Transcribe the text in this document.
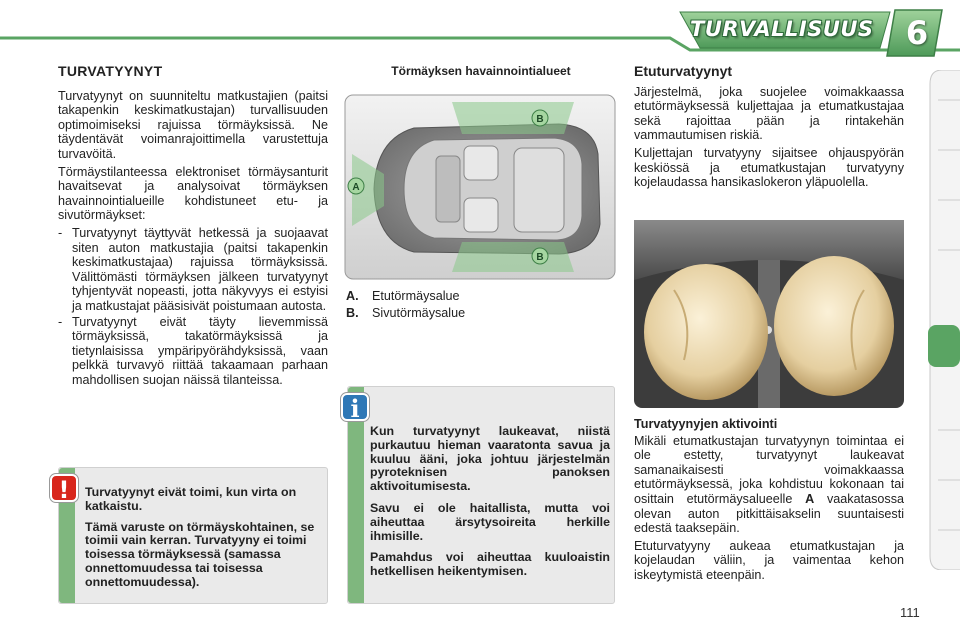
TURVALLISUUS	6
TURVATYYNYT

Turvatyynyt on suunniteltu matkustajien (paitsi takapenkin keskimatkustajan) turvallisuuden optimoimiseksi rajuissa törmäyksissä. Ne täydentävät voimanrajoittimella varustettuja turvavöitä.

Törmäystilanteessa elektroniset törmäysanturit havaitsevat ja analysoivat törmäyksen havainnointialueille kohdistuneet etu- ja sivutörmäykset:

- Turvatyynyt täyttyvät hetkessä ja suojaavat siten auton matkustajia (paitsi takapenkin keskimatkustajaa) rajuissa törmäyksissä. Välittömästi törmäyksen jälkeen turvatyynyt tyhjentyvät nopeasti, jotta näkyvyys ei estyisi ja matkustajat pääsisivät poistumaan autosta.
- Turvatyynyt eivät täyty lievemmissä törmäyksissä, takatörmäyksissä ja tietynlaisissa ympäripyörähdyksissä, vaan pelkkä turvavyö riittää takaamaan parhaan mahdollisen suojan näissä tilanteissa.
Törmäyksen havainnointialueet
A
B
B
A. Etutörmäysalue
B. Sivutörmäysalue
Turvatyynyt eivät toimi, kun virta on katkaistu.
Tämä varuste on törmäyskohtainen, se toimii vain kerran. Turvatyyny ei toimi toisessa törmäyksessä (samassa onnettomuudessa tai toisessa onnettomuudessa).
!
Kun turvatyynyt laukeavat, niistä purkautuu hieman vaaratonta savua ja kuuluu ääni, joka johtuu järjestelmän pyroteknisen panoksen aktivoitumisesta.
Savu ei ole haitallista, mutta voi aiheuttaa ärsytysoireita herkille ihmisille.
Pamahdus voi aiheuttaa kuuloaistin hetkellisen heikentymisen.
i
Etuturvatyynyt

Järjestelmä, joka suojelee voimakkaassa etutörmäyksessä kuljettajaa ja etumatkustajaa sekä rajoittaa pään ja rintakehän vammautumisen riskiä.

Kuljettajan turvatyyny sijaitsee ohjauspyörän keskiössä ja etumatkustajan turvatyyny kojelaudassa hansikaslokeron yläpuolella.

Turvatyynyjen aktivointi

Mikäli etumatkustajan turvatyynyn toimintaa ei ole estetty, turvatyynyt laukeavat samanaikaisesti voimakkaassa etutörmäyksessä, joka kohdistuu kokonaan tai osittain etutörmäysalueelle A vaakatasossa olevan auton pitkittäisakselin suuntaisesti edestä taaksepäin.

Etuturvatyyny aukeaa etumatkustajan ja kojelaudan väliin, ja vaimentaa kehon iskeytymistä eteenpäin.

111
